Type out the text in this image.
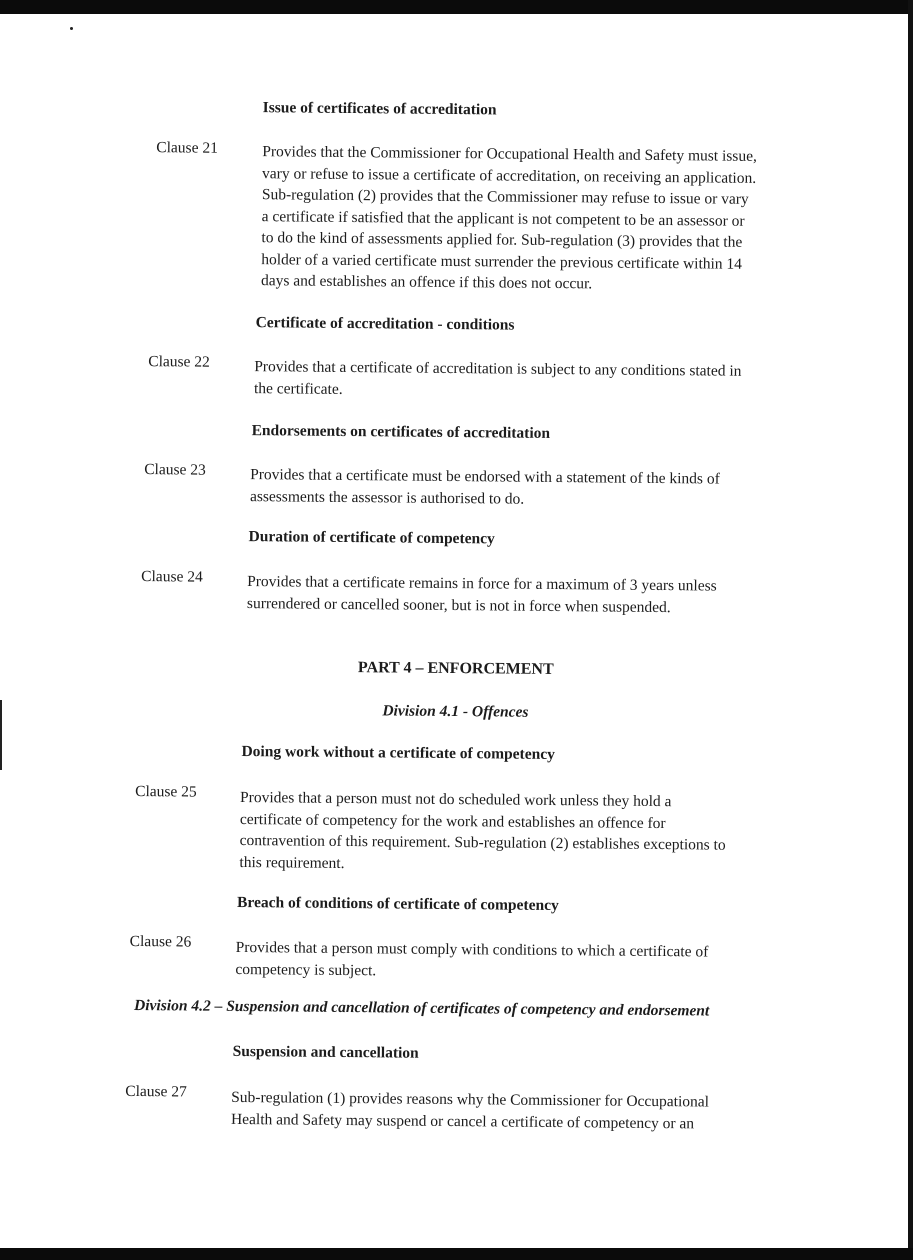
Issue of certificates of accreditation
Clause 21	Provides that the Commissioner for Occupational Health and Safety must issue,
vary or refuse to issue a certificate of accreditation, on receiving an application.
Sub-regulation (2) provides that the Commissioner may refuse to issue or vary
a certificate if satisfied that the applicant is not competent to be an assessor or
to do the kind of assessments applied for. Sub-regulation (3) provides that the
holder of a varied certificate must surrender the previous certificate within 14
days and establishes an offence if this does not occur.
Certificate of accreditation - conditions
Clause 22	Provides that a certificate of accreditation is subject to any conditions stated in
the certificate.
Endorsements on certificates of accreditation
Clause 23	Provides that a certificate must be endorsed with a statement of the kinds of
assessments the assessor is authorised to do.
Duration of certificate of competency
Clause 24	Provides that a certificate remains in force for a maximum of 3 years unless
surrendered or cancelled sooner, but is not in force when suspended.
PART 4 – ENFORCEMENT
Division 4.1 - Offences
Doing work without a certificate of competency
Clause 25	Provides that a person must not do scheduled work unless they hold a
certificate of competency for the work and establishes an offence for
contravention of this requirement. Sub-regulation (2) establishes exceptions to
this requirement.
Breach of conditions of certificate of competency
Clause 26	Provides that a person must comply with conditions to which a certificate of
competency is subject.
Division 4.2 – Suspension and cancellation of certificates of competency and endorsement
Suspension and cancellation
Clause 27	Sub-regulation (1) provides reasons why the Commissioner for Occupational
Health and Safety may suspend or cancel a certificate of competency or an
